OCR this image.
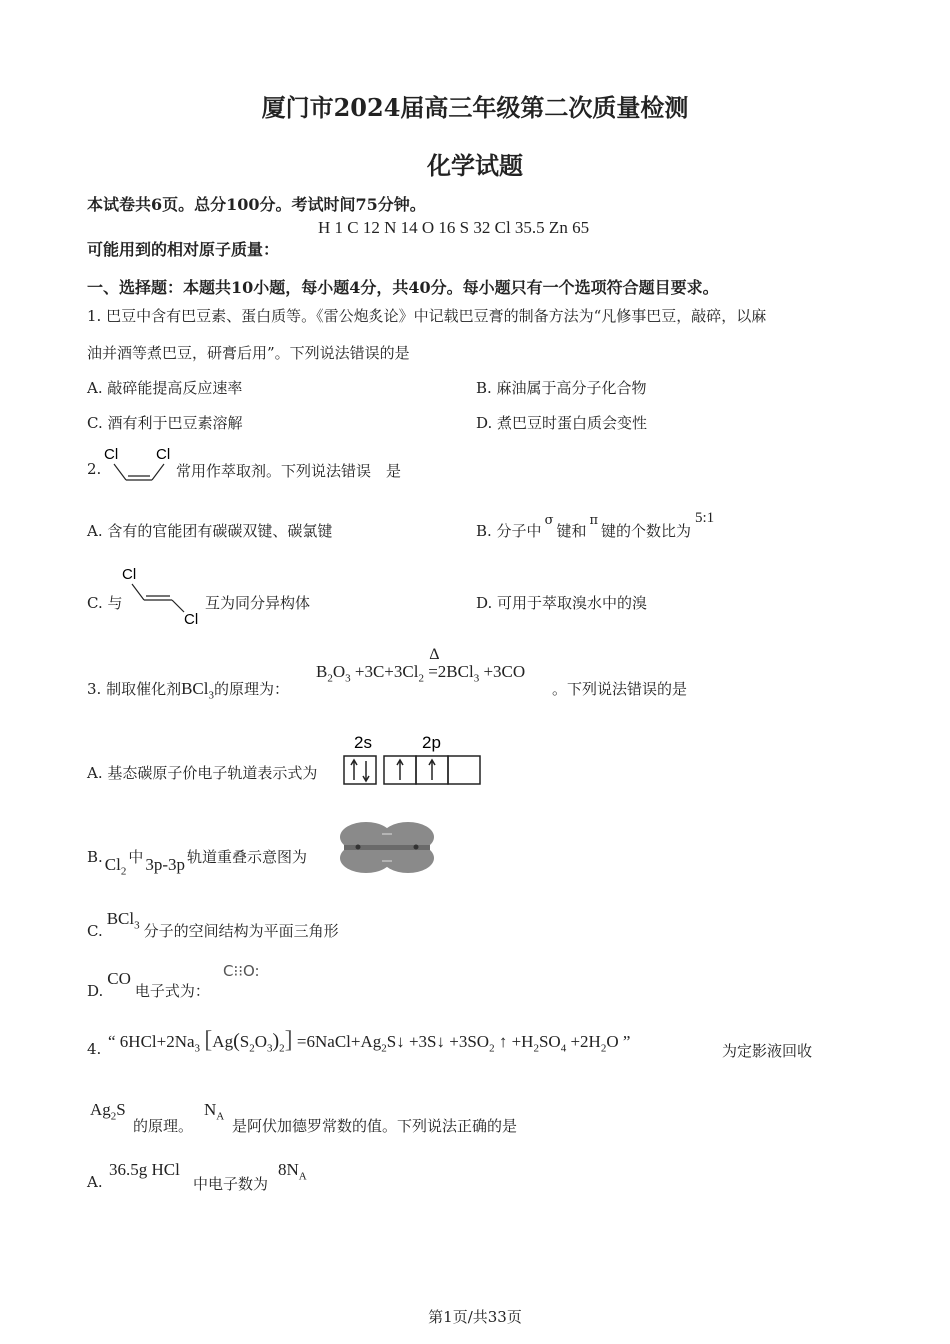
厦门市2024届高三年级第二次质量检测
化学试题
本试卷共6页。总分100分。考试时间75分钟。
可能用到的相对原子质量：
H 1 C 12 N 14 O 16 S 32 Cl 35.5 Zn 65
一、选择题：本题共10小题，每小题4分，共40分。每小题只有一个选项符合题目要求。
1. 巴豆中含有巴豆素、蛋白质等。《雷公炮炙论》中记载巴豆膏的制备方法为“凡修事巴豆，敲碎，以麻
油并酒等煮巴豆，研膏后用”。下列说法错误的是
A. 敲碎能提高反应速率	B. 麻油属于高分子化合物
C. 酒有利于巴豆素溶解	D. 煮巴豆时蛋白质会变性
2.
Cl	Cl
常用作萃取剂。下列说法错误　是
A. 含有的官能团有碳碳双键、碳氯键	B. 分子中σ键和π键的个数比为5:1
C. 与
Cl
Cl
互为同分异构体	D. 可用于萃取溴水中的溴
3. 制取催化剂BCl$_3$的原理为：
$B_2O_3 +3C+3Cl_2$
Δ
=2BCl$_3$ +3CO
。下列说法错误的是
A. 基态碳原子价电子轨道表示式为
2s	2p
B. $Cl_2$中 3p-3p 轨道重叠示意图为
C.BCl$_3$ 分子的空间结构为平面三角形
D.CO电子式为：
C⁝⁝O:
4. “ $6HCl+2Na_3$ $[Ag(S_2O_3)_2]$ $=6NaCl+Ag_2S↓$ +3S↓ $+3SO_2$ ↑ $+H_2SO_4 +2H_2O$ ”	为定影液回收
$Ag_2S$
的原理。
$N_A$
是阿伏加德罗常数的值。下列说法正确的是
A.
36.5g HCl
中电子数为
$8N_A$
第1页/共33页
